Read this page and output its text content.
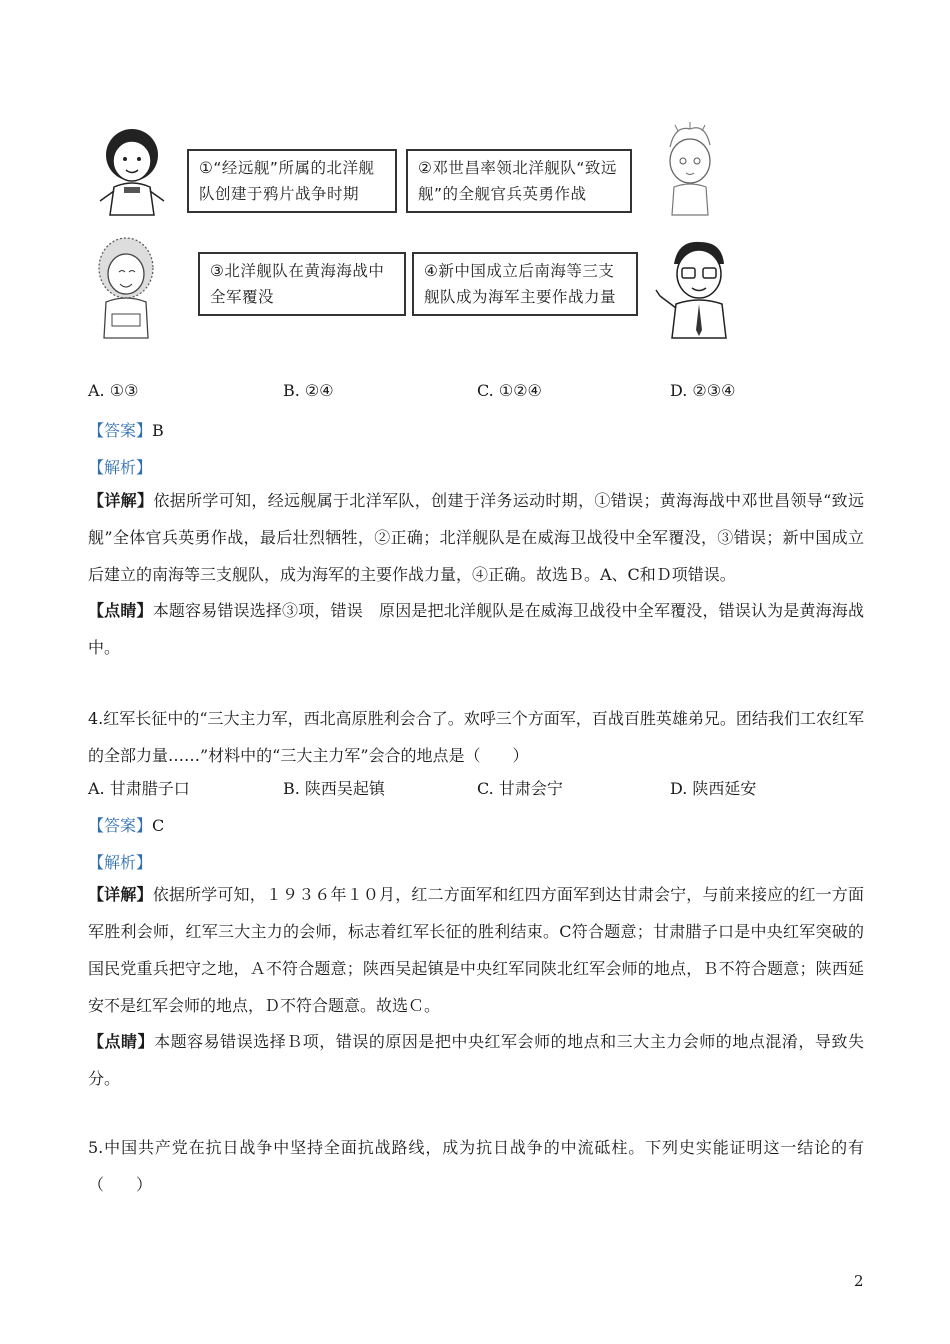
①“经远舰”所属的北洋舰队创建于鸦片战争时期
②邓世昌率领北洋舰队“致远舰”的全舰官兵英勇作战
③北洋舰队在黄海海战中全军覆没
④新中国成立后南海等三支舰队成为海军主要作战力量
A. ①③	B. ②④	C. ①②④	D. ②③④
【答案】B
【解析】
【详解】依据所学可知，经远舰属于北洋军队，创建于洋务运动时期，①错误；黄海海战中邓世昌领导“致远舰”全体官兵英勇作战，最后壮烈牺牲，②正确；北洋舰队是在威海卫战役中全军覆没，③错误；新中国成立后建立的南海等三支舰队，成为海军的主要作战力量，④正确。故选Ｂ。A、C和Ｄ项错误。
【点睛】本题容易错误选择③项，错误　原因是把北洋舰队是在威海卫战役中全军覆没，错误认为是黄海海战中。
4.红军长征中的“三大主力军，西北高原胜利会合了。欢呼三个方面军，百战百胜英雄弟兄。团结我们工农红军的全部力量……”材料中的“三大主力军”会合的地点是（　　）
A. 甘肃腊子口	B. 陕西吴起镇	C. 甘肃会宁	D. 陕西延安
【答案】C
【解析】
【详解】依据所学可知，１９３６年１０月，红二方面军和红四方面军到达甘肃会宁，与前来接应的红一方面军胜利会师，红军三大主力的会师，标志着红军长征的胜利结束。C符合题意；甘肃腊子口是中央红军突破的国民党重兵把守之地，Ａ不符合题意；陕西吴起镇是中央红军同陕北红军会师的地点，Ｂ不符合题意；陕西延安不是红军会师的地点，Ｄ不符合题意。故选Ｃ。
【点睛】本题容易错误选择Ｂ项，错误的原因是把中央红军会师的地点和三大主力会师的地点混淆，导致失分。
5.中国共产党在抗日战争中坚持全面抗战路线，成为抗日战争的中流砥柱。下列史实能证明这一结论的有（　　）
2
